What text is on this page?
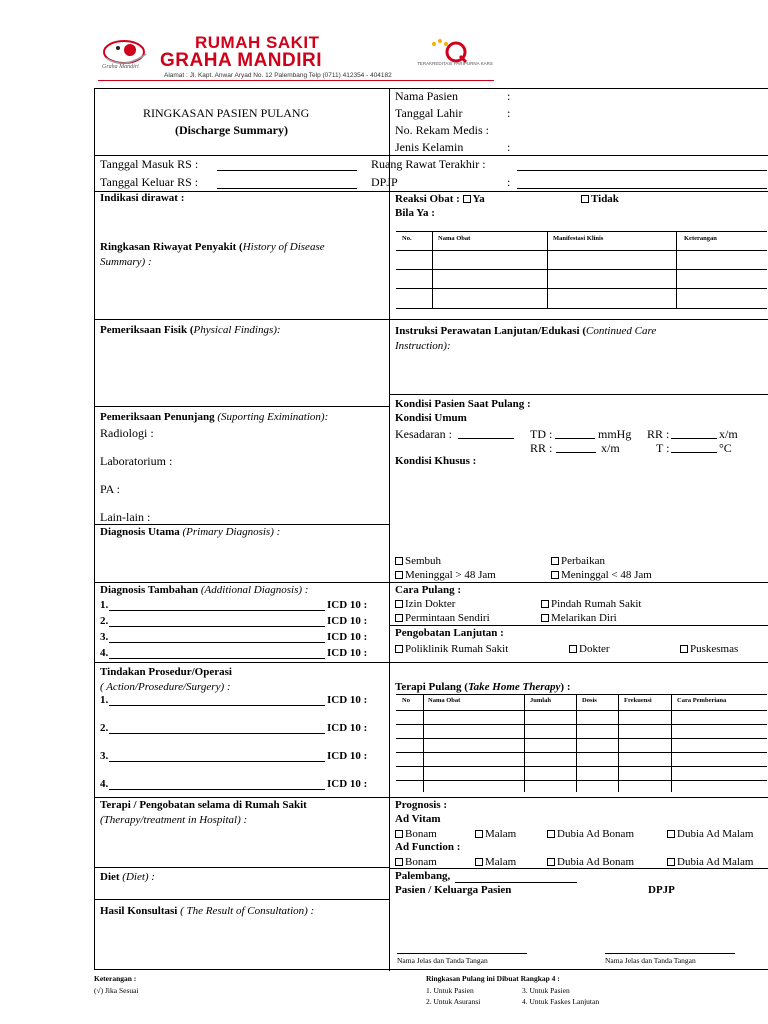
Graha Mandiri
RUMAH SAKIT
GRAHA MANDIRI
Alamat : Jl. Kapt. Anwar Aryad No. 12 Palembang Telp (0711) 412354 - 404182
TERAKREDITASI PARIPURNA KARS
RINGKASAN PASIEN PULANG
(Discharge Summary)
Nama Pasien	:
Tanggal Lahir	:
No. Rekam Medis :
Jenis Kelamin	:
Tanggal Masuk RS :
Tanggal Keluar RS :
Ruang Rawat Terakhir :
DPJP	:
Indikasi dirawat :
Ringkasan Riwayat Penyakit (History of Disease
Summary) :
Pemeriksaan Fisik (Physical Findings):
Pemeriksaan Penunjang (Suporting Eximination):
Radiologi :
Laboratorium :
PA :
Lain-lain :
Diagnosis Utama (Primary Diagnosis) :
Diagnosis Tambahan (Additional Diagnosis) :
1.	ICD 10 :
2.	ICD 10 :
3.	ICD 10 :
4.	ICD 10 :
Tindakan Prosedur/Operasi
( Action/Prosedure/Surgery) :
1.	ICD 10 :
2.	ICD 10 :
3.	ICD 10 :
4.	ICD 10 :
Terapi / Pengobatan selama di Rumah Sakit
(Therapy/treatment in Hospital) :
Diet (Diet) :
Hasil Konsultasi ( The Result of Consultation) :
Reaksi Obat : Ya	Tidak
Bila Ya :
No.	Nama Obat	Manifestasi Klinis	Keterangan
Instruksi Perawatan Lanjutan/Edukasi (Continued Care
Instruction):
Kondisi Pasien Saat Pulang :
Kondisi Umum
Kesadaran :	TD :	mmHg RR :	x/m
RR :	x/m	T :	°C
Kondisi Khusus :
Sembuh	Perbaikan
Meninggal > 48 Jam	Meninggal < 48 Jam
Cara Pulang :
Izin Dokter	Pindah Rumah Sakit
Permintaan Sendiri	Melarikan Diri
Pengobatan Lanjutan :
Poliklinik Rumah Sakit	Dokter	Puskesmas
Terapi Pulang (Take Home Therapy) :
No	Nama Obat	Jumlah	Dosis	Frekuensi	Cara Pemberiana
Prognosis :
Ad Vitam
Bonam	Malam	Dubia Ad Bonam	Dubia Ad Malam
Ad Function :
Bonam	Malam	Dubia Ad Bonam	Dubia Ad Malam
Palembang,
Pasien / Keluarga Pasien	DPJP
Nama Jelas dan Tanda Tangan	Nama Jelas dan Tanda Tangan
Keterangan :
(√) Jika Sesuai
Ringkasan Pulang ini Dibuat Rangkap 4 :
1. Untuk Pasien	3. Untuk Pasien
2. Untuk Asuransi	4. Untuk Faskes Lanjutan
